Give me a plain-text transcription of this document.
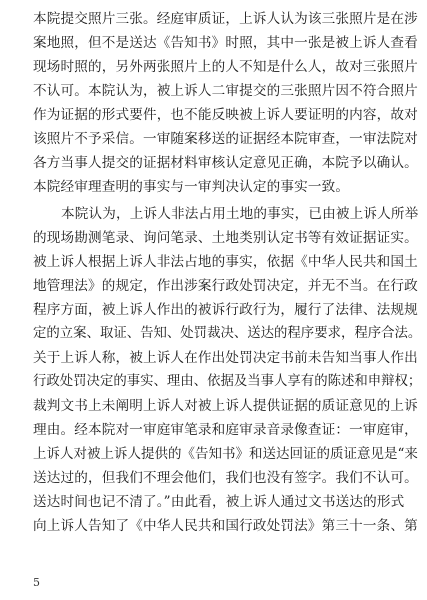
本院提交照片三张。经庭审质证，上诉人认为该三张照片是在涉
案地照，但不是送达《告知书》时照，其中一张是被上诉人查看
现场时照的，另外两张照片上的人不知是什么人，故对三张照片
不认可。本院认为，被上诉人二审提交的三张照片因不符合照片
作为证据的形式要件，也不能反映被上诉人要证明的内容，故对
该照片不予采信。一审随案移送的证据经本院审查，一审法院对
各方当事人提交的证据材料审核认定意见正确，本院予以确认。
本院经审理查明的事实与一审判决认定的事实一致。
本院认为，上诉人非法占用土地的事实，已由被上诉人所举
的现场勘测笔录、询问笔录、土地类别认定书等有效证据证实。
被上诉人根据上诉人非法占地的事实，依据《中华人民共和国土
地管理法》的规定，作出涉案行政处罚决定，并无不当。在行政
程序方面，被上诉人作出的被诉行政行为，履行了法律、法规规
定的立案、取证、告知、处罚裁决、送达的程序要求，程序合法。
关于上诉人称，被上诉人在作出处罚决定书前未告知当事人作出
行政处罚决定的事实、理由、依据及当事人享有的陈述和申辩权；
裁判文书上未阐明上诉人对被上诉人提供证据的质证意见的上诉
理由。经本院对一审庭审笔录和庭审录音录像查证：一审庭审，
上诉人对被上诉人提供的《告知书》和送达回证的质证意见是“来
送达过的，但我们不理会他们，我们也没有签字。我们不认可。
送达时间也记不清了。”由此看，被上诉人通过文书送达的形式
向上诉人告知了《中华人民共和国行政处罚法》第三十一条、第
5
